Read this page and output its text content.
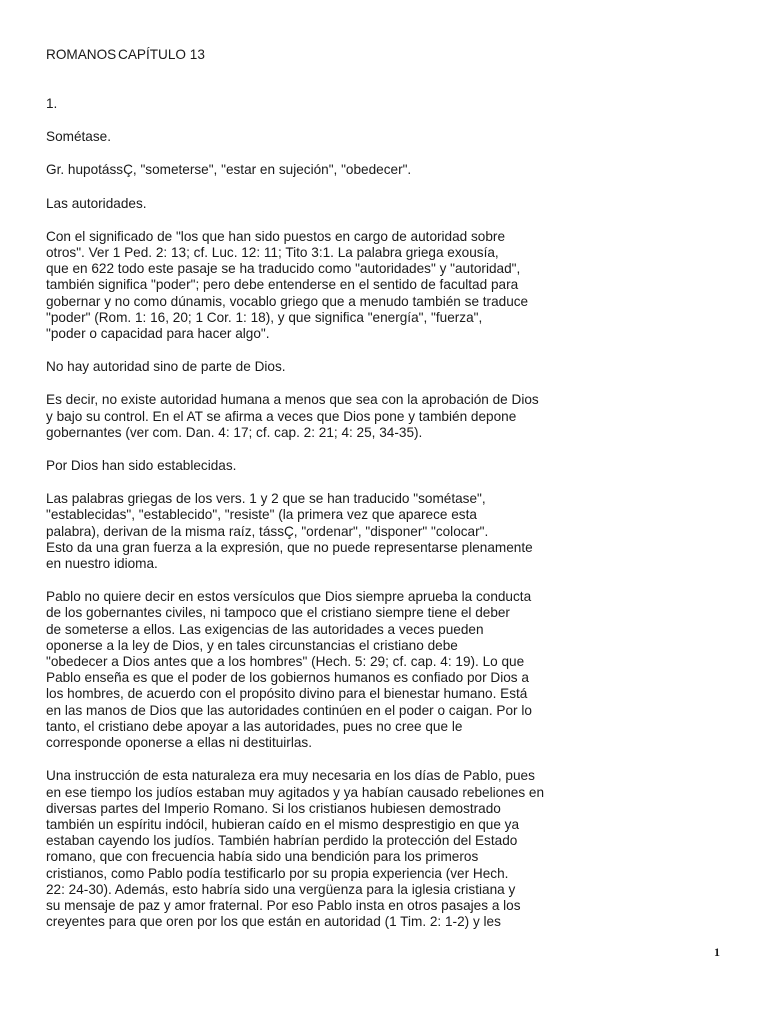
ROMANOS CAPÍTULO 13
1.
Sométase.
Gr. hupotássÇ, "someterse", "estar en sujeción", "obedecer".
Las autoridades.
Con el significado de "los que han sido puestos en cargo de autoridad sobre
otros". Ver 1 Ped. 2: 13; cf. Luc. 12: 11; Tito 3:1. La palabra griega exousía,
que en 622 todo este pasaje se ha traducido como "autoridades" y "autoridad",
también significa "poder"; pero debe entenderse en el sentido de facultad para
gobernar y no como dúnamis, vocablo griego que a menudo también se traduce
"poder" (Rom. 1: 16, 20; 1 Cor. 1: 18), y que significa "energía", "fuerza",
"poder o capacidad para hacer algo".
No hay autoridad sino de parte de Dios.
Es decir, no existe autoridad humana a menos que sea con la aprobación de Dios
y bajo su control. En el AT se afirma a veces que Dios pone y también depone
gobernantes (ver com. Dan. 4: 17; cf. cap. 2: 21; 4: 25, 34-35).
Por Dios han sido establecidas.
Las palabras griegas de los vers. 1 y 2 que se han traducido "sométase",
"establecidas", "establecido", "resiste" (la primera vez que aparece esta
palabra), derivan de la misma raíz, tássÇ, "ordenar", "disponer" "colocar".
Esto da una gran fuerza a la expresión, que no puede representarse plenamente
en nuestro idioma.
Pablo no quiere decir en estos versículos que Dios siempre aprueba la conducta
de los gobernantes civiles, ni tampoco que el cristiano siempre tiene el deber
de someterse a ellos. Las exigencias de las autoridades a veces pueden
oponerse a la ley de Dios, y en tales circunstancias el cristiano debe
"obedecer a Dios antes que a los hombres" (Hech. 5: 29; cf. cap. 4: 19). Lo que
Pablo enseña es que el poder de los gobiernos humanos es confiado por Dios a
los hombres, de acuerdo con el propósito divino para el bienestar humano. Está
en las manos de Dios que las autoridades continúen en el poder o caigan. Por lo
tanto, el cristiano debe apoyar a las autoridades, pues no cree que le
corresponde oponerse a ellas ni destituirlas.
Una instrucción de esta naturaleza era muy necesaria en los días de Pablo, pues
en ese tiempo los judíos estaban muy agitados y ya habían causado rebeliones en
diversas partes del Imperio Romano. Si los cristianos hubiesen demostrado
también un espíritu indócil, hubieran caído en el mismo desprestigio en que ya
estaban cayendo los judíos. También habrían perdido la protección del Estado
romano, que con frecuencia había sido una bendición para los primeros
cristianos, como Pablo podía testificarlo por su propia experiencia (ver Hech.
22: 24-30). Además, esto habría sido una vergüenza para la iglesia cristiana y
su mensaje de paz y amor fraternal. Por eso Pablo insta en otros pasajes a los
creyentes para que oren por los que están en autoridad (1 Tim. 2: 1-2) y les
1
